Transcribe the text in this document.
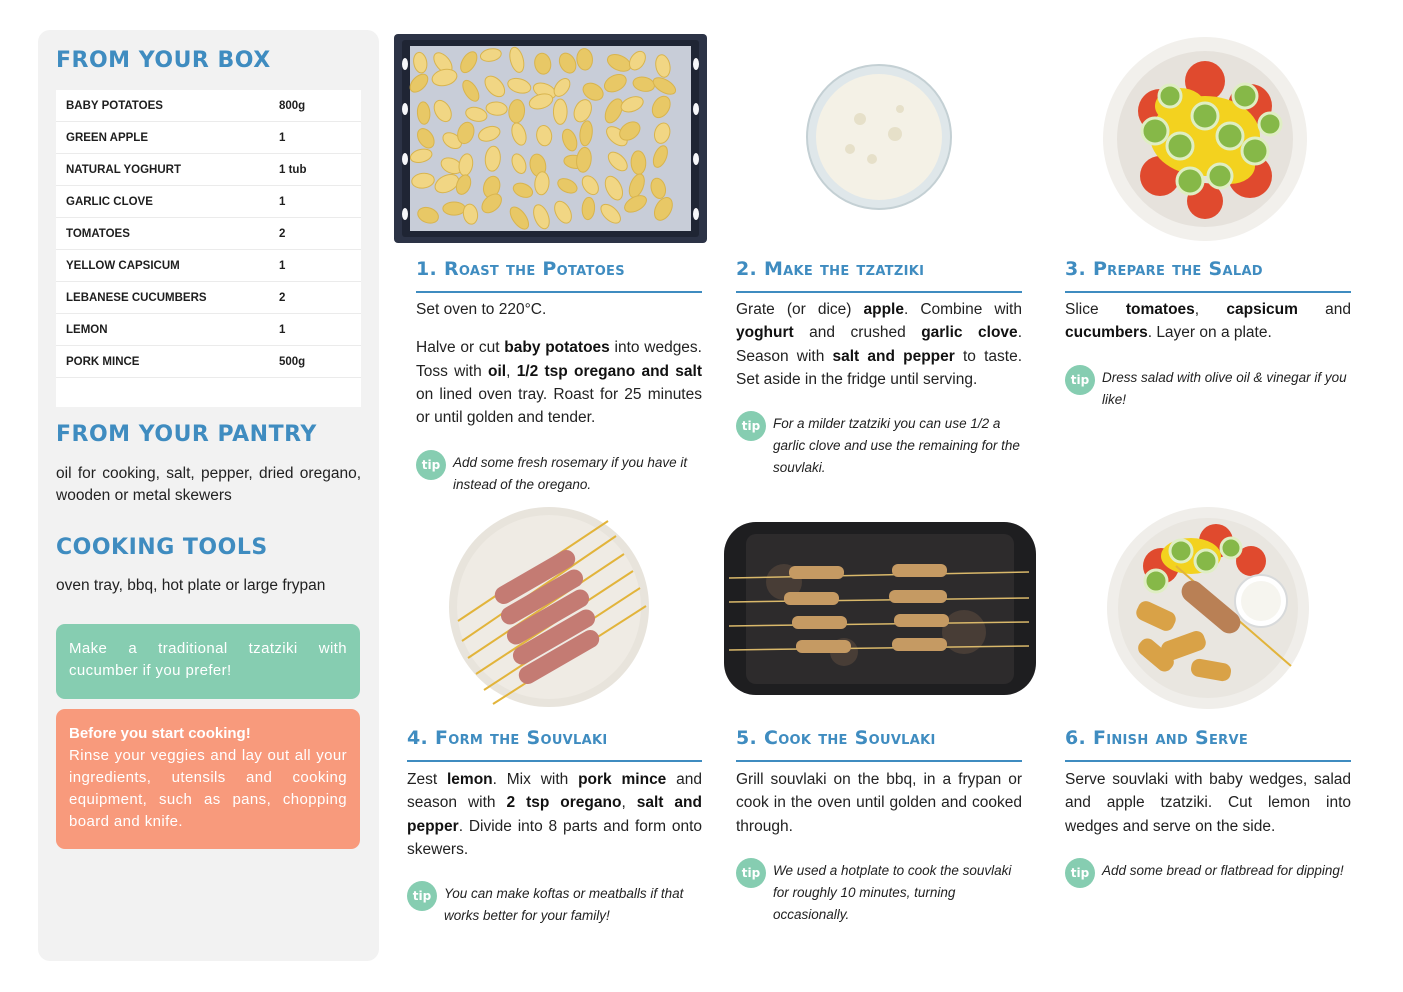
FROM YOUR BOX
BABY POTATOES	800g
GREEN APPLE	1
NATURAL YOGHURT	1 tub
GARLIC CLOVE	1
TOMATOES	2
YELLOW CAPSICUM	1
LEBANESE CUCUMBERS	2
LEMON	1
PORK MINCE	500g
FROM YOUR PANTRY
oil for cooking, salt, pepper, dried oregano, wooden or metal skewers
COOKING TOOLS
oven tray, bbq, hot plate or large frypan
Make a traditional tzatziki with cucumber if you prefer!
Before you start cooking!
Rinse your veggies and lay out all your ingredients, utensils and cooking equipment, such as pans, chopping board and knife.
1. Roast the Potatoes

Set oven to 220°C.

Halve or cut baby potatoes into wedges. Toss with oil, 1/2 tsp oregano and salt on lined oven tray. Roast for 25 minutes or until golden and tender.

tip Add some fresh rosemary if you have it instead of the oregano.
2. Make the tzatziki

Grate (or dice) apple. Combine with yoghurt and crushed garlic clove. Season with salt and pepper to taste. Set aside in the fridge until serving.

tip For a milder tzatziki you can use 1/2 a garlic clove and use the remaining for the souvlaki.
3. Prepare the Salad

Slice tomatoes, capsicum and cucumbers. Layer on a plate.

tip Dress salad with olive oil & vinegar if you like!
4. Form the Souvlaki

Zest lemon. Mix with pork mince and season with 2 tsp oregano, salt and pepper. Divide into 8 parts and form onto skewers.

tip You can make koftas or meatballs if that works better for your family!
5. Cook the Souvlaki

Grill souvlaki on the bbq, in a frypan or cook in the oven until golden and cooked through.

tip We used a hotplate to cook the souvlaki for roughly 10 minutes, turning occasionally.
6. Finish and Serve

Serve souvlaki with baby wedges, salad and apple tzatziki. Cut lemon into wedges and serve on the side.

tip Add some bread or flatbread for dipping!
